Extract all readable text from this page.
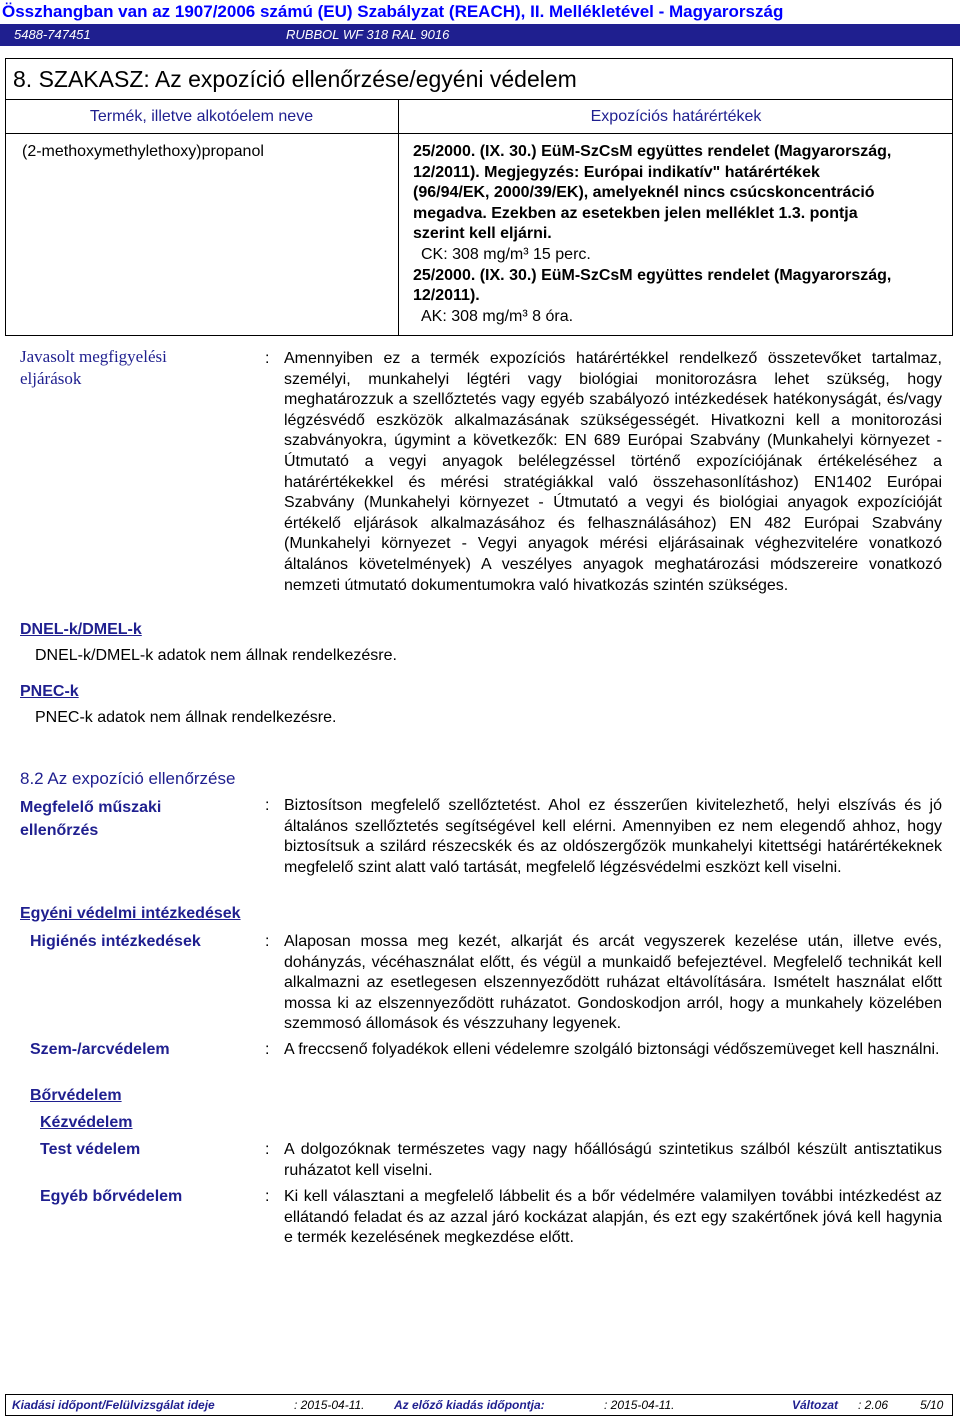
Összhangban van az 1907/2006 számú (EU) Szabályzat (REACH), II. Mellékletével - Magyarország
5488-747451	RUBBOL WF 318 RAL 9016
8. SZAKASZ: Az expozíció ellenőrzése/egyéni védelem
Termék, illetve alkotóelem neve	Expozíciós határértékek
(2-methoxymethylethoxy)propanol	25/2000. (IX. 30.) EüM-SzCsM együttes rendelet (Magyarország,
12/2011). Megjegyzés: Európai indikatív" határértékek
(96/94/EK, 2000/39/EK), amelyeknél nincs csúcskoncentráció
megadva. Ezekben az esetekben jelen melléklet 1.3. pontja
szerint kell eljárni.
CK: 308 mg/m³ 15 perc.
25/2000. (IX. 30.) EüM-SzCsM együttes rendelet (Magyarország,
12/2011).
AK: 308 mg/m³ 8 óra.
Javasolt megfigyelési eljárások
: Amennyiben ez a termék expozíciós határértékkel rendelkező összetevőket tartalmaz, személyi, munkahelyi légtéri vagy biológiai monitorozásra lehet szükség, hogy meghatározzuk a szellőztetés vagy egyéb szabályozó intézkedések hatékonyságát, és/vagy légzésvédő eszközök alkalmazásának szükségességét. Hivatkozni kell a monitorozási szabványokra, úgymint a következők: EN 689 Európai Szabvány (Munkahelyi környezet - Útmutató a vegyi anyagok belélegzéssel történő expozíciójának értékeléséhez a határértékekkel és mérési stratégiákkal való összehasonlításhoz) EN1402 Európai Szabvány (Munkahelyi környezet - Útmutató a vegyi és biológiai anyagok expozícióját értékelő eljárások alkalmazásához és felhasználásához) EN 482 Európai Szabvány (Munkahelyi környezet - Vegyi anyagok mérési eljárásainak véghezvitelére vonatkozó általános követelmények) A veszélyes anyagok meghatározási módszereire vonatkozó nemzeti útmutató dokumentumokra való hivatkozás szintén szükséges.
DNEL-k/DMEL-k
DNEL-k/DMEL-k adatok nem állnak rendelkezésre.
PNEC-k
PNEC-k adatok nem állnak rendelkezésre.
8.2 Az expozíció ellenőrzése
Megfelelő műszaki ellenőrzés
: Biztosítson megfelelő szellőztetést. Ahol ez ésszerűen kivitelezhető, helyi elszívás és jó általános szellőztetés segítségével kell elérni. Amennyiben ez nem elegendő ahhoz, hogy biztosítsuk a szilárd részecskék és az oldószergőzök munkahelyi kitettségi határértékeknek megfelelő szint alatt való tartását, megfelelő légzésvédelmi eszközt kell viselni.
Egyéni védelmi intézkedések
Higiénés intézkedések	: Alaposan mossa meg kezét, alkarját és arcát vegyszerek kezelése után, illetve evés, dohányzás, vécéhasználat előtt, és végül a munkaidő befejeztével. Megfelelő technikát kell alkalmazni az esetlegesen elszennyeződött ruházat eltávolítására. Ismételt használat előtt mossa ki az elszennyeződött ruházatot. Gondoskodjon arról, hogy a munkahely közelében szemmosó állomások és vészzuhany legyenek.
Szem-/arcvédelem	: A freccsenő folyadékok elleni védelemre szolgáló biztonsági védőszemüveget kell használni.
Bőrvédelem
Kézvédelem
Test védelem	: A dolgozóknak természetes vagy nagy hőállóságú szintetikus szálból készült antisztatikus ruházatot kell viselni.
Egyéb bőrvédelem	: Ki kell választani a megfelelő lábbelit és a bőr védelmére valamilyen további intézkedést az ellátandó feladat és az azzal járó kockázat alapján, és ezt egy szakértőnek jóvá kell hagynia e termék kezelésének megkezdése előtt.
Kiadási időpont/Felülvizsgálat ideje	: 2015-04-11. Az előző kiadás időpontja:	: 2015-04-11.	Változat : 2.06	5/10
